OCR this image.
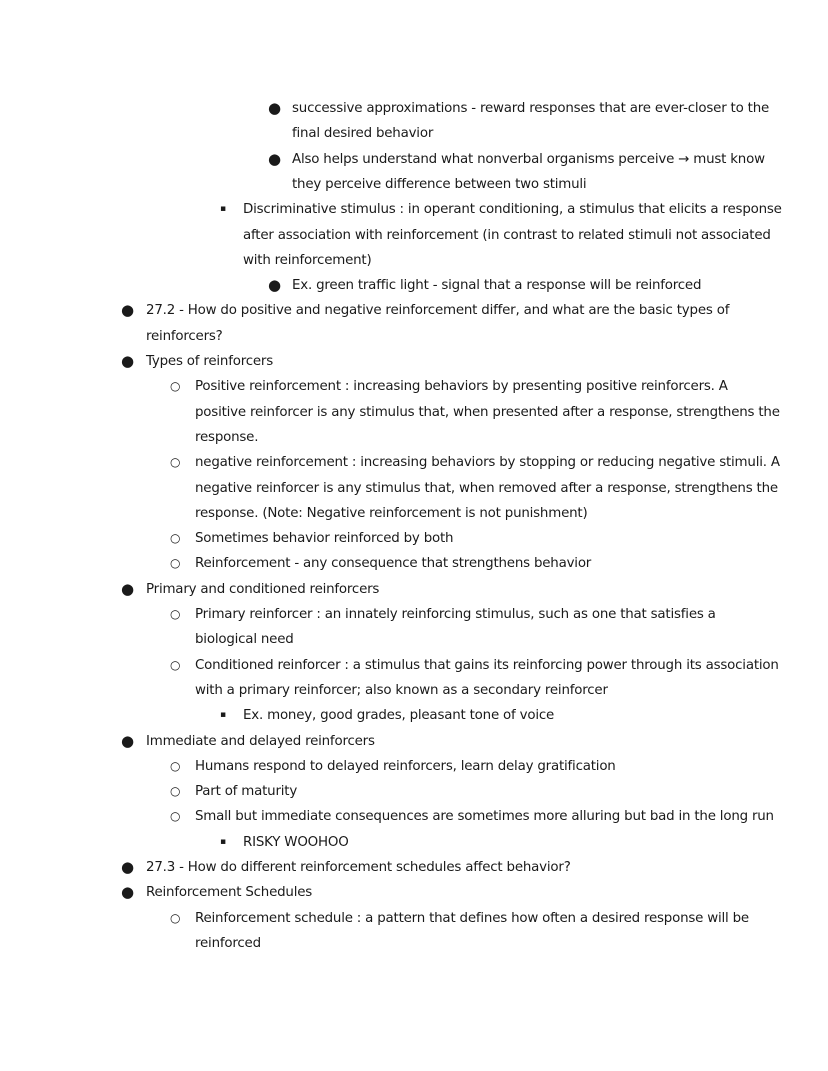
● successive approximations - reward responses that are ever-closer to the
final desired behavior
● Also helps understand what nonverbal organisms perceive → must know
they perceive difference between two stimuli
▪ Discriminative stimulus : in operant conditioning, a stimulus that elicits a response
after association with reinforcement (in contrast to related stimuli not associated
with reinforcement)
● Ex. green traffic light - signal that a response will be reinforced
● 27.2 - How do positive and negative reinforcement differ, and what are the basic types of
reinforcers?
● Types of reinforcers
○ Positive reinforcement : increasing behaviors by presenting positive reinforcers. A
positive reinforcer is any stimulus that, when presented after a response, strengthens the
response.
○ negative reinforcement : increasing behaviors by stopping or reducing negative stimuli. A
negative reinforcer is any stimulus that, when removed after a response, strengthens the
response. (Note: Negative reinforcement is not punishment)
○ Sometimes behavior reinforced by both
○ Reinforcement - any consequence that strengthens behavior
● Primary and conditioned reinforcers
○ Primary reinforcer : an innately reinforcing stimulus, such as one that satisfies a
biological need
○ Conditioned reinforcer : a stimulus that gains its reinforcing power through its association
with a primary reinforcer; also known as a secondary reinforcer
▪ Ex. money, good grades, pleasant tone of voice
● Immediate and delayed reinforcers
○ Humans respond to delayed reinforcers, learn delay gratification
○ Part of maturity
○ Small but immediate consequences are sometimes more alluring but bad in the long run
▪ RISKY WOOHOO
● 27.3 - How do different reinforcement schedules affect behavior?
● Reinforcement Schedules
○ Reinforcement schedule : a pattern that defines how often a desired response will be
reinforced
